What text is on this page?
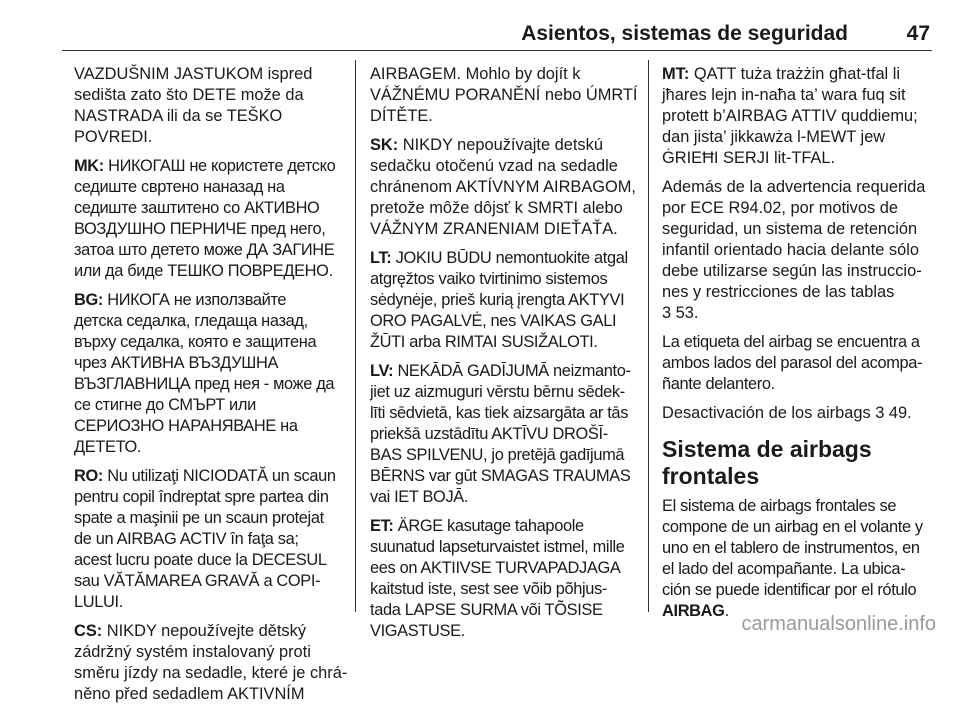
Asientos, sistemas de seguridad	47

VAZDUŠNIM JASTUKOM ispred
sedišta zato što DETE može da
NASTRADA ili da se TEŠKO
POVREDI.

MK: НИКОГАШ не користете детско
седиште свртено наназад на
седиште заштитено со АКТИВНО
ВОЗДУШНО ПЕРНИЧЕ пред него,
затоа што детето може ДА ЗАГИНЕ
или да биде ТЕШКО ПОВРЕДЕНО.

BG: НИКОГА не използвайте
детска седалка, гледаща назад,
върху седалка, която е защитена
чрез АКТИВНА ВЪЗДУШНА
ВЪЗГЛАВНИЦА пред нея - може да
се стигне до СМЪРТ или
СЕРИОЗНО НАРАНЯВАНЕ на
ДЕТЕТО.

RO: Nu utilizaţi NICIODATĂ un scaun
pentru copil îndreptat spre partea din
spate a maşinii pe un scaun protejat
de un AIRBAG ACTIV în faţa sa;
acest lucru poate duce la DECESUL
sau VĂTĂMAREA GRAVĂ a COPI-
LULUI.

CS: NIKDY nepoužívejte dětský
zádržný systém instalovaný proti
směru jízdy na sedadle, které je chrá-
něno před sedadlem AKTIVNÍM

AIRBAGEM. Mohlo by dojít k
VÁŽNÉMU PORANĚNÍ nebo ÚMRTÍ
DÍTĚTE.

SK: NIKDY nepoužívajte detskú
sedačku otočenú vzad na sedadle
chránenom AKTÍVNYM AIRBAGOM,
pretože môže dôjsť k SMRTI alebo
VÁŽNYM ZRANENIAM DIEŤAŤA.

LT: JOKIU BŪDU nemontuokite atgal
atgręžtos vaiko tvirtinimo sistemos
sėdynėje, prieš kurią įrengta AKTYVI
ORO PAGALVĖ, nes VAIKAS GALI
ŽŪTI arba RIMTAI SUSIŽALOTI.

LV: NEKĀDĀ GADĪJUMĀ neizmanto-
jiet uz aizmuguri vērstu bērnu sēdek-
līti sēdvietā, kas tiek aizsargāta ar tās
priekšā uzstādītu AKTĪVU DROŠĪ-
BAS SPILVENU, jo pretējā gadījumā
BĒRNS var gūt SMAGAS TRAUMAS
vai IET BOJĀ.

ET: ÄRGE kasutage tahapoole
suunatud lapseturvaistet istmel, mille
ees on AKTIIVSE TURVAPADJAGA
kaitstud iste, sest see võib põhjus-
tada LAPSE SURMA või TÕSISE
VIGASTUSE.

MT: QATT tuża trażżin għat-tfal li
jħares lejn in-naħa ta’ wara fuq sit
protett b’AIRBAG ATTIV quddiemu;
dan jista’ jikkawża l-MEWT jew
ĠRIEĦI SERJI lit-TFAL.

Además de la advertencia requerida
por ECE R94.02, por motivos de
seguridad, un sistema de retención
infantil orientado hacia delante sólo
debe utilizarse según las instruccio-
nes y restricciones de las tablas
3 53.

La etiqueta del airbag se encuentra a
ambos lados del parasol del acompa-
ñante delantero.

Desactivación de los airbags 3 49.

Sistema de airbags
frontales

El sistema de airbags frontales se
compone de un airbag en el volante y
uno en el tablero de instrumentos, en
el lado del acompañante. La ubica-
ción se puede identificar por el rótulo
AIRBAG.

carmanualsonline.info
